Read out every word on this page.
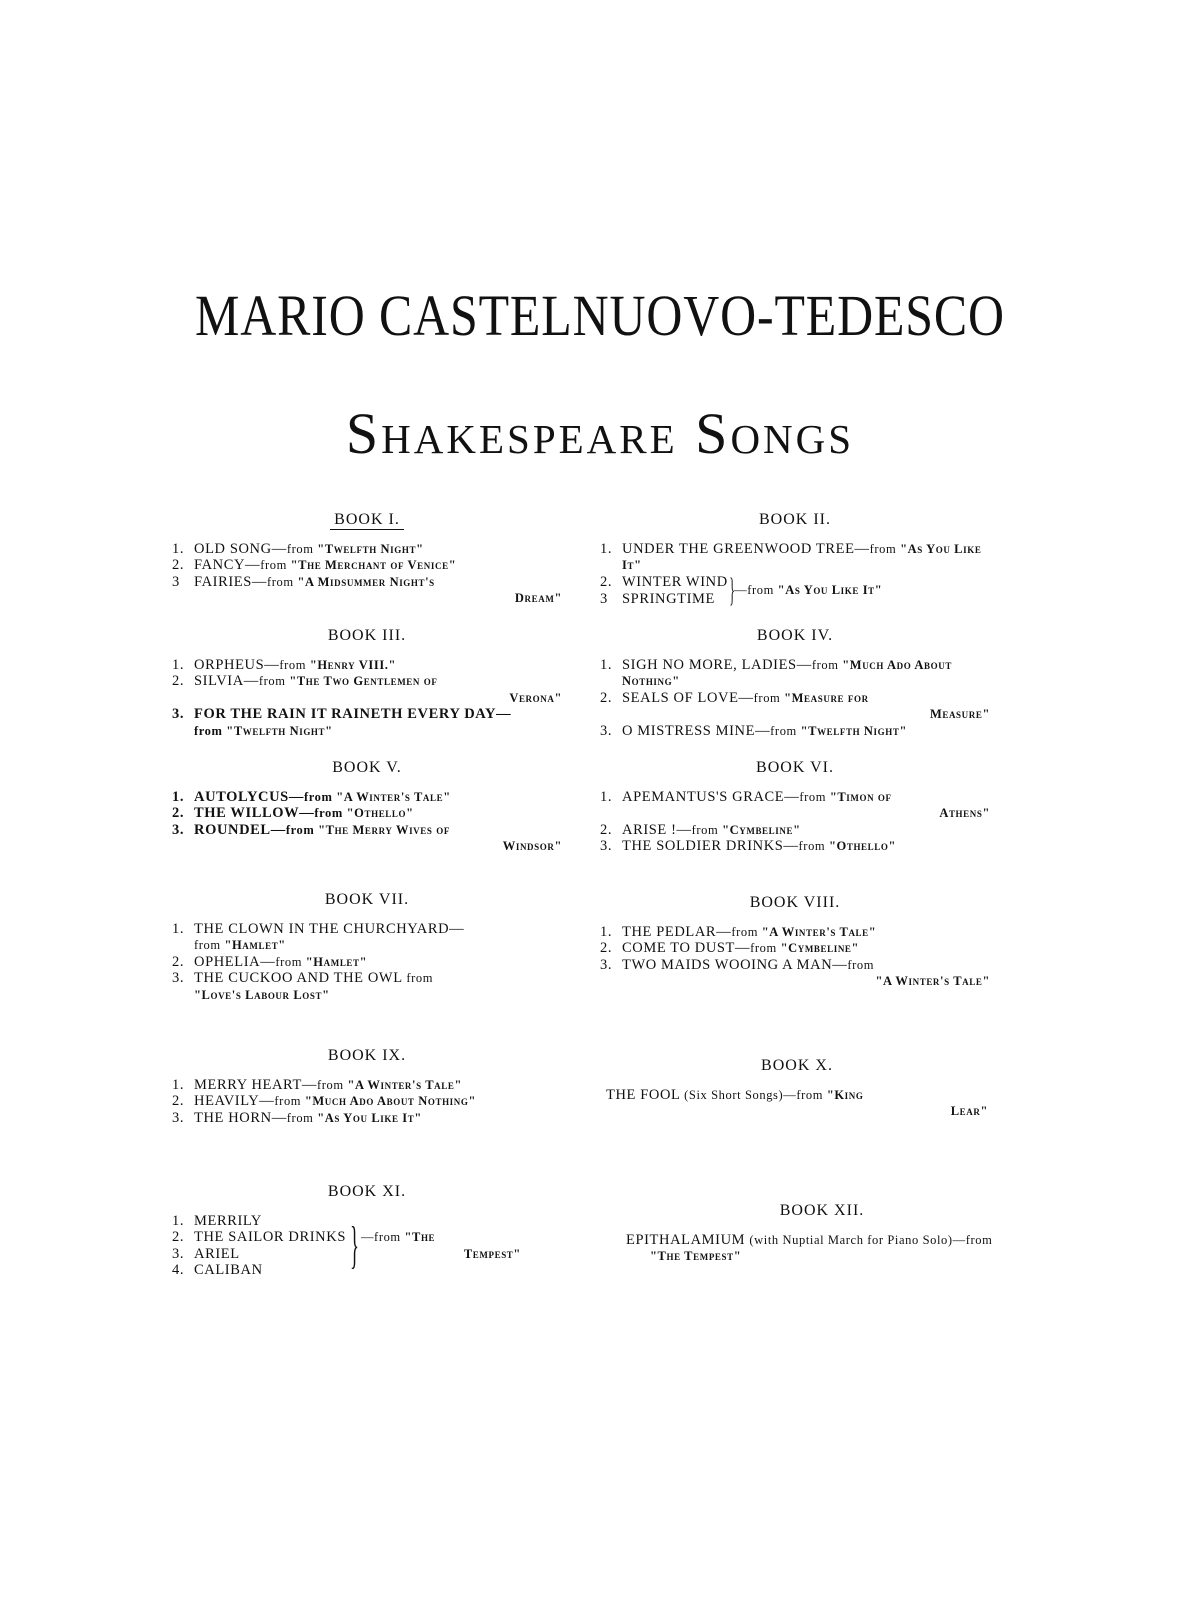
MARIO CASTELNUOVO-TEDESCO
Shakespeare Songs
BOOK I.
1. OLD SONG—from "Twelfth Night"
2. FANCY—from "The Merchant of Venice"
3 FAIRIES—from "A Midsummer Night's
Dream"
BOOK II.
1. UNDER THE GREENWOOD TREE—from "As You Like It"
2. WINTER WIND
3 SPRINGTIME } —from "As You Like It"
BOOK III.
1. ORPHEUS—from "Henry VIII."
2. SILVIA—from "The Two Gentlemen of
Verona"
3. FOR THE RAIN IT RAINETH EVERY DAY—
from "Twelfth Night"
BOOK IV.
1. SIGH NO MORE, LADIES—from "Much Ado About Nothing"
2. SEALS OF LOVE—from "Measure for
Measure"
3. O MISTRESS MINE—from "Twelfth Night"
BOOK V.
1. AUTOLYCUS—from "A Winter's Tale"
2. THE WILLOW—from "Othello"
3. ROUNDEL—from "The Merry Wives of
Windsor"
BOOK VI.
1. APEMANTUS'S GRACE—from "Timon of
Athens"
2. ARISE !—from "Cymbeline"
3. THE SOLDIER DRINKS—from "Othello"
BOOK VII.
1. THE CLOWN IN THE CHURCHYARD—
from "Hamlet"
2. OPHELIA—from "Hamlet"
3. THE CUCKOO AND THE OWL from
"Love's Labour Lost"
BOOK VIII.
1. THE PEDLAR—from "A Winter's Tale"
2. COME TO DUST—from "Cymbeline"
3. TWO MAIDS WOOING A MAN—from
"A Winter's Tale"
BOOK IX.
1. MERRY HEART—from "A Winter's Tale"
2. HEAVILY—from "Much Ado About Nothing"
3. THE HORN—from "As You Like It"
BOOK X.
THE FOOL (Six Short Songs)—from "King
Lear"
BOOK XI.
1. MERRILY
2. THE SAILOR DRINKS
3. ARIEL
4. CALIBAN	} —from "The
Tempest"
BOOK XII.
EPITHALAMIUM (with Nuptial March for Piano Solo)—from "The Tempest"
